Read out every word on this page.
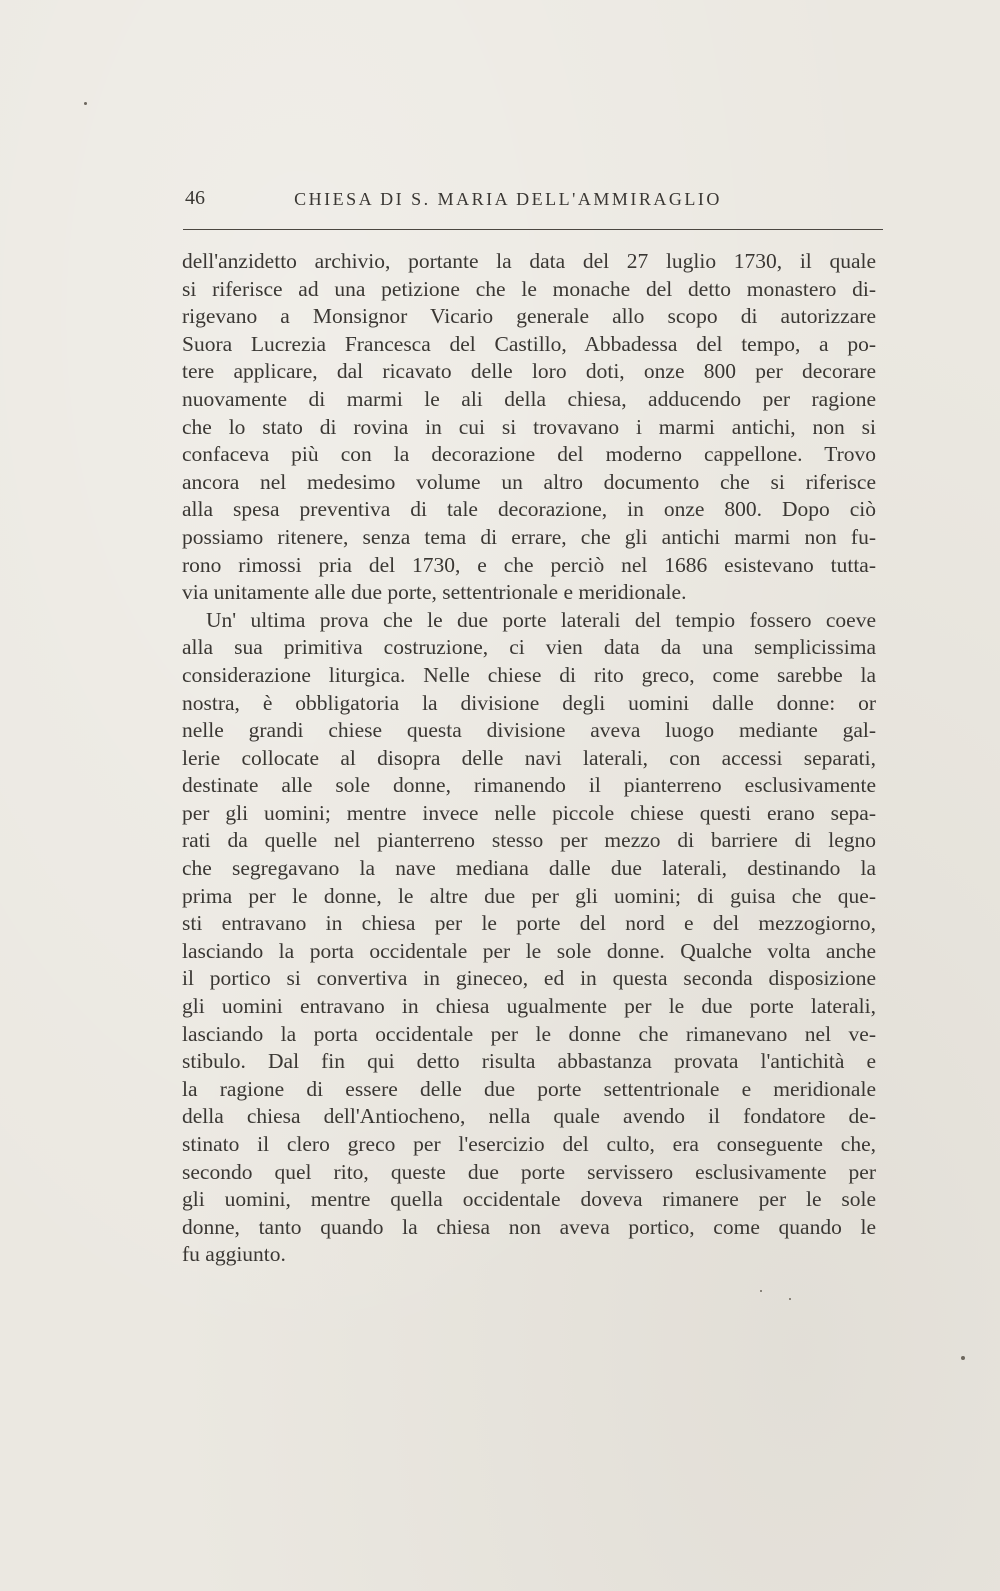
46	CHIESA DI S. MARIA DELL'AMMIRAGLIO
dell'anzidetto archivio, portante la data del 27 luglio 1730, il quale
si riferisce ad una petizione che le monache del detto monastero di-
rigevano a Monsignor Vicario generale allo scopo di autorizzare
Suora Lucrezia Francesca del Castillo, Abbadessa del tempo, a po-
tere applicare, dal ricavato delle loro doti, onze 800 per decorare
nuovamente di marmi le ali della chiesa, adducendo per ragione
che lo stato di rovina in cui si trovavano i marmi antichi, non si
confaceva più con la decorazione del moderno cappellone. Trovo
ancora nel medesimo volume un altro documento che si riferisce
alla spesa preventiva di tale decorazione, in onze 800. Dopo ciò
possiamo ritenere, senza tema di errare, che gli antichi marmi non fu-
rono rimossi pria del 1730, e che perciò nel 1686 esistevano tutta-
via unitamente alle due porte, settentrionale e meridionale.
Un' ultima prova che le due porte laterali del tempio fossero coeve
alla sua primitiva costruzione, ci vien data da una semplicissima
considerazione liturgica. Nelle chiese di rito greco, come sarebbe la
nostra, è obbligatoria la divisione degli uomini dalle donne: or
nelle grandi chiese questa divisione aveva luogo mediante gal-
lerie collocate al disopra delle navi laterali, con accessi separati,
destinate alle sole donne, rimanendo il pianterreno esclusivamente
per gli uomini; mentre invece nelle piccole chiese questi erano sepa-
rati da quelle nel pianterreno stesso per mezzo di barriere di legno
che segregavano la nave mediana dalle due laterali, destinando la
prima per le donne, le altre due per gli uomini; di guisa che que-
sti entravano in chiesa per le porte del nord e del mezzogiorno,
lasciando la porta occidentale per le sole donne. Qualche volta anche
il portico si convertiva in gineceo, ed in questa seconda disposizione
gli uomini entravano in chiesa ugualmente per le due porte laterali,
lasciando la porta occidentale per le donne che rimanevano nel ve-
stibulo. Dal fin qui detto risulta abbastanza provata l'antichità e
la ragione di essere delle due porte settentrionale e meridionale
della chiesa dell'Antiocheno, nella quale avendo il fondatore de-
stinato il clero greco per l'esercizio del culto, era conseguente che,
secondo quel rito, queste due porte servissero esclusivamente per
gli uomini, mentre quella occidentale doveva rimanere per le sole
donne, tanto quando la chiesa non aveva portico, come quando le
fu aggiunto.
